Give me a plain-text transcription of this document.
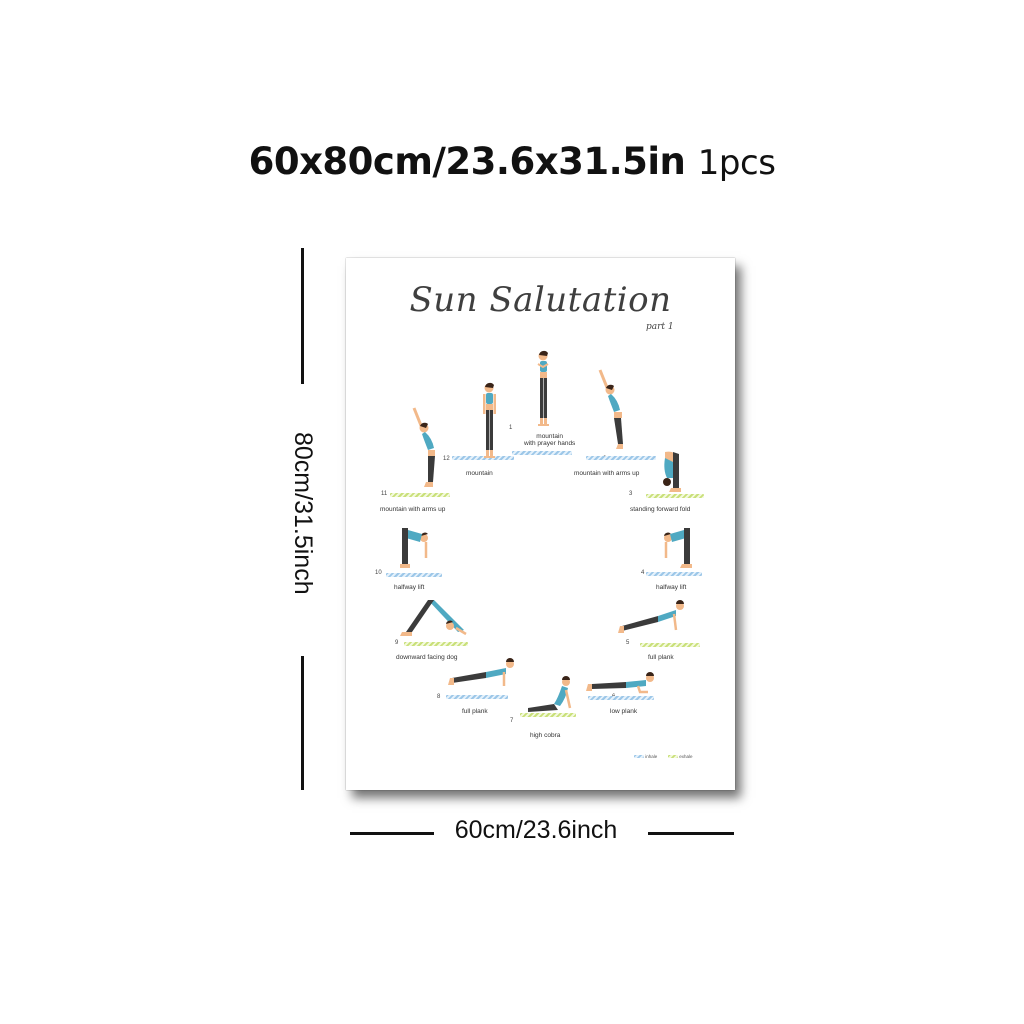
60x80cm/23.6x31.5in 1pcs
80cm/31.5inch
60cm/23.6inch
Sun Salutation
part 1
inhale	exhale
1
mountain
with prayer hands
mountain with arms up
3
standing forward fold
4
halfway lift
5
full plank
low plank
7
high cobra
8
full plank
9
downward facing dog
10
halfway lift
11
mountain with arms up
12
mountain
